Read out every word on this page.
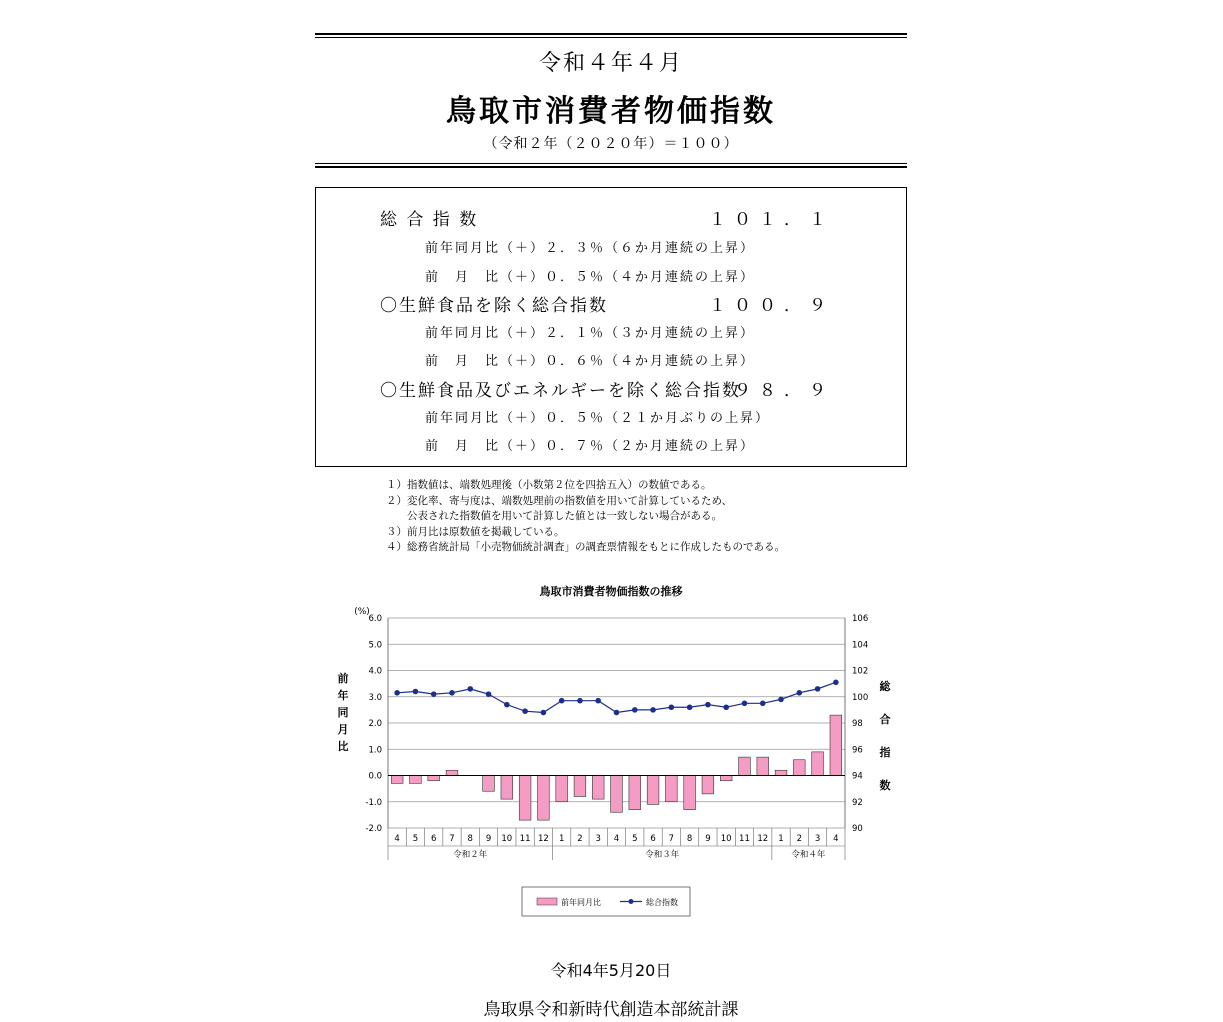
令和４年４月
鳥取市消費者物価指数
（令和２年（２０２０年）＝１００）
総 合 指 数	１０１．１
前年同月比（＋）２．３％（６か月連続の上昇）
前　月　比（＋）０．５％（４か月連続の上昇）
〇生鮮食品を除く総合指数	１００．９
前年同月比（＋）２．１％（３か月連続の上昇）
前　月　比（＋）０．６％（４か月連続の上昇）
〇生鮮食品及びエネルギーを除く総合指数
９８．９
前年同月比（＋）０．５％（２１か月ぶりの上昇）
前　月　比（＋）０．７％（２か月連続の上昇）
１）指数値は、端数処理後（小数第２位を四捨五入）の数値である。
２）変化率、寄与度は、端数処理前の指数値を用いて計算しているため、
　　公表された指数値を用いて計算した値とは一致しない場合がある。
３）前月比は原数値を掲載している。
４）総務省統計局「小売物価統計調査」の調査票情報をもとに作成したものである。
鳥取市消費者物価指数の推移
(%)
6.0
5.0
4.0
3.0
2.0
1.0
0.0
-1.0
-2.0
106
104
102
100
98
96
94
92
90
4 5 6 7 8 9 10 11 12 1 2 3 4 5 6 7 8 9 10 11 12 1 2 3 4
令和２年	令和３年	令和４年
前
年
同
月
比
総
合
指
数
前年同月比	総合指数
令和4年5月20日
鳥取県令和新時代創造本部統計課
